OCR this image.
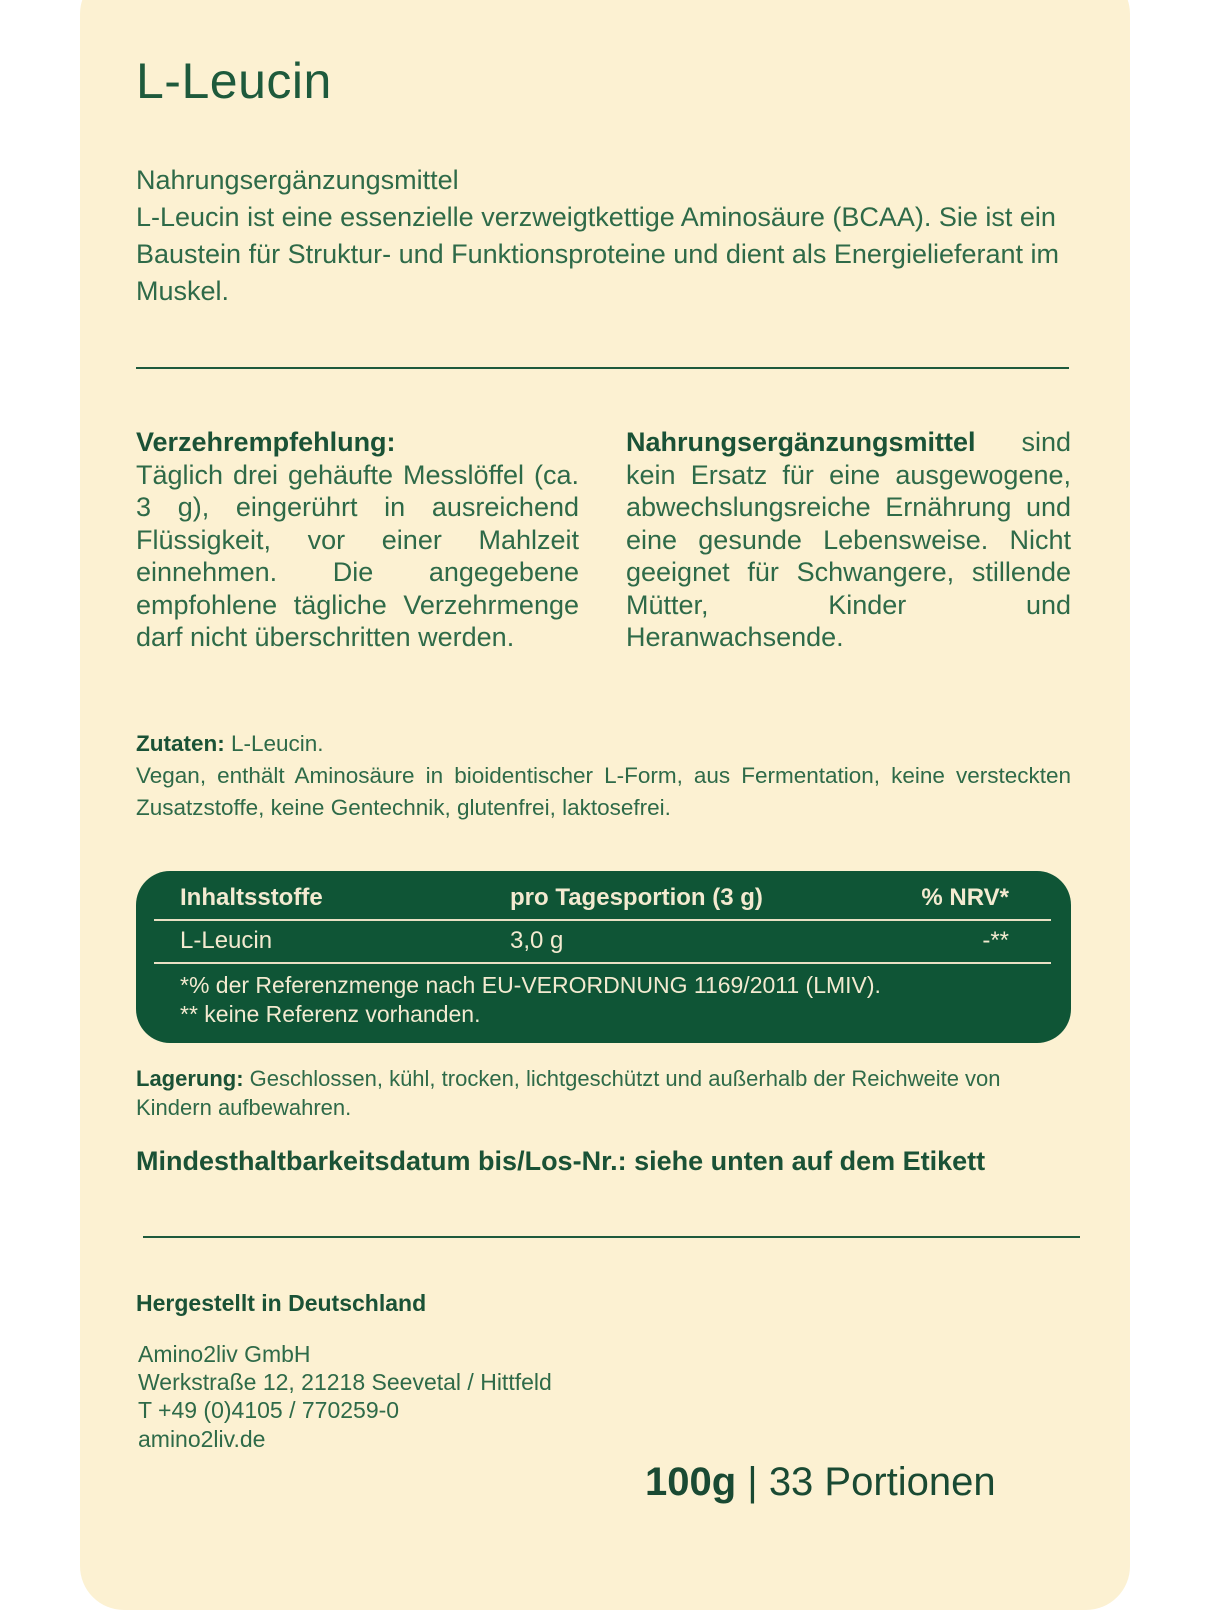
L-Leucin
Nahrungsergänzungsmittel
L-Leucin ist eine essenzielle verzweigtkettige Aminosäure (BCAA). Sie ist ein Baustein für Struktur- und Funktionsproteine und dient als Energielieferant im Muskel.
Verzehrempfehlung:
Täglich drei gehäufte Messlöffel (ca. 3 g), eingerührt in ausreichend Flüssigkeit, vor einer Mahlzeit einnehmen. Die angegebene empfohlene tägliche Verzehrmenge darf nicht überschritten werden.
Nahrungsergänzungsmittel sind kein Ersatz für eine ausgewogene, abwechslungsreiche Ernährung und eine gesunde Lebensweise. Nicht geeignet für Schwangere, stillende Mütter, Kinder und Heranwachsende.
Zutaten: L-Leucin.
Vegan, enthält Aminosäure in bioidentischer L-Form, aus Fermentation, keine versteckten Zusatzstoffe, keine Gentechnik, glutenfrei, laktosefrei.
Inhaltsstoffe	pro Tagesportion (3 g)	% NRV*
L-Leucin	3,0 g	-**
*% der Referenzmenge nach EU-VERORDNUNG 1169/2011 (LMIV).
** keine Referenz vorhanden.
Lagerung: Geschlossen, kühl, trocken, lichtgeschützt und außerhalb der Reichweite von Kindern aufbewahren.
Mindesthaltbarkeitsdatum bis/Los-Nr.: siehe unten auf dem Etikett
Hergestellt in Deutschland
Amino2liv GmbH
Werkstraße 12, 21218 Seevetal / Hittfeld
T +49 (0)4105 / 770259-0
amino2liv.de
100g | 33 Portionen
